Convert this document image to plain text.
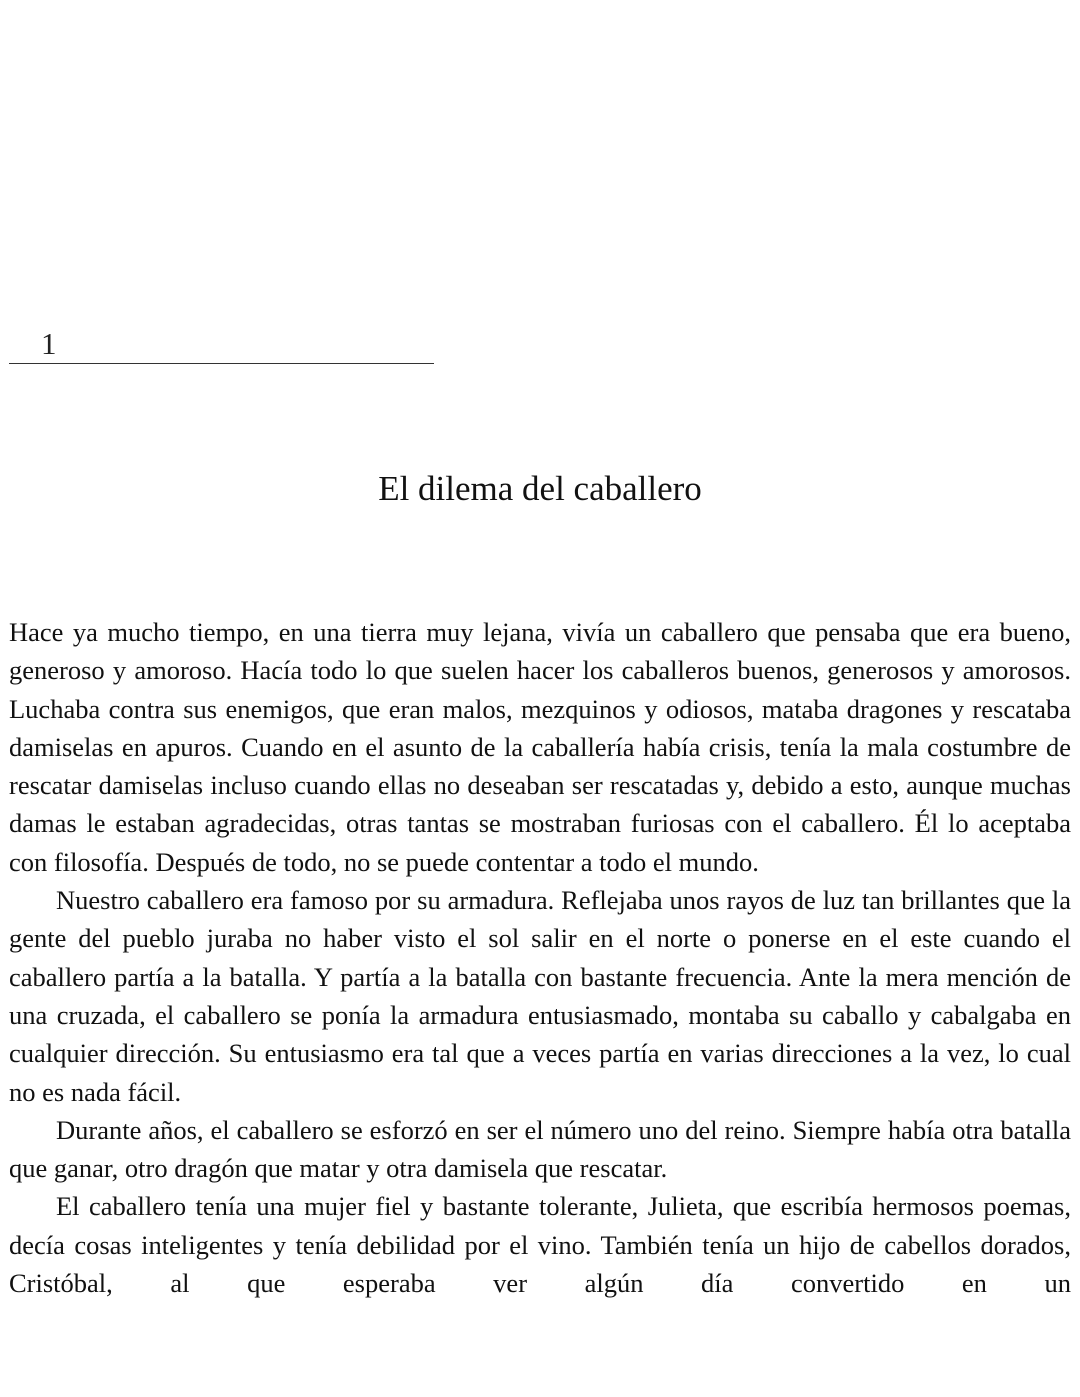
1
El dilema del caballero

Hace ya mucho tiempo, en una tierra muy lejana, vivía un caballero que pensaba que era bueno, generoso y amoroso. Hacía todo lo que suelen hacer los caballeros buenos, generosos y amorosos. Luchaba contra sus enemigos, que eran malos, mezquinos y odiosos, mataba dragones y rescataba damiselas en apuros. Cuando en el asunto de la caballería había crisis, tenía la mala costumbre de rescatar damiselas incluso cuando ellas no deseaban ser rescatadas y, debido a esto, aunque muchas damas le estaban agradecidas, otras tantas se mostraban furiosas con el caballero. Él lo aceptaba con filosofía. Después de todo, no se puede contentar a todo el mundo.

Nuestro caballero era famoso por su armadura. Reflejaba unos rayos de luz tan brillantes que la gente del pueblo juraba no haber visto el sol salir en el norte o ponerse en el este cuando el caballero partía a la batalla. Y partía a la batalla con bastante frecuencia. Ante la mera mención de una cruzada, el caballero se ponía la armadura entusiasmado, montaba su caballo y cabalgaba en cualquier dirección. Su entusiasmo era tal que a veces partía en varias direcciones a la vez, lo cual no es nada fácil.

Durante años, el caballero se esforzó en ser el número uno del reino. Siempre había otra batalla que ganar, otro dragón que matar y otra damisela que rescatar.

El caballero tenía una mujer fiel y bastante tolerante, Julieta, que escribía hermosos poemas, decía cosas inteligentes y tenía debilidad por el vino. También tenía un hijo de cabellos dorados, Cristóbal, al que esperaba ver algún día convertido en un
